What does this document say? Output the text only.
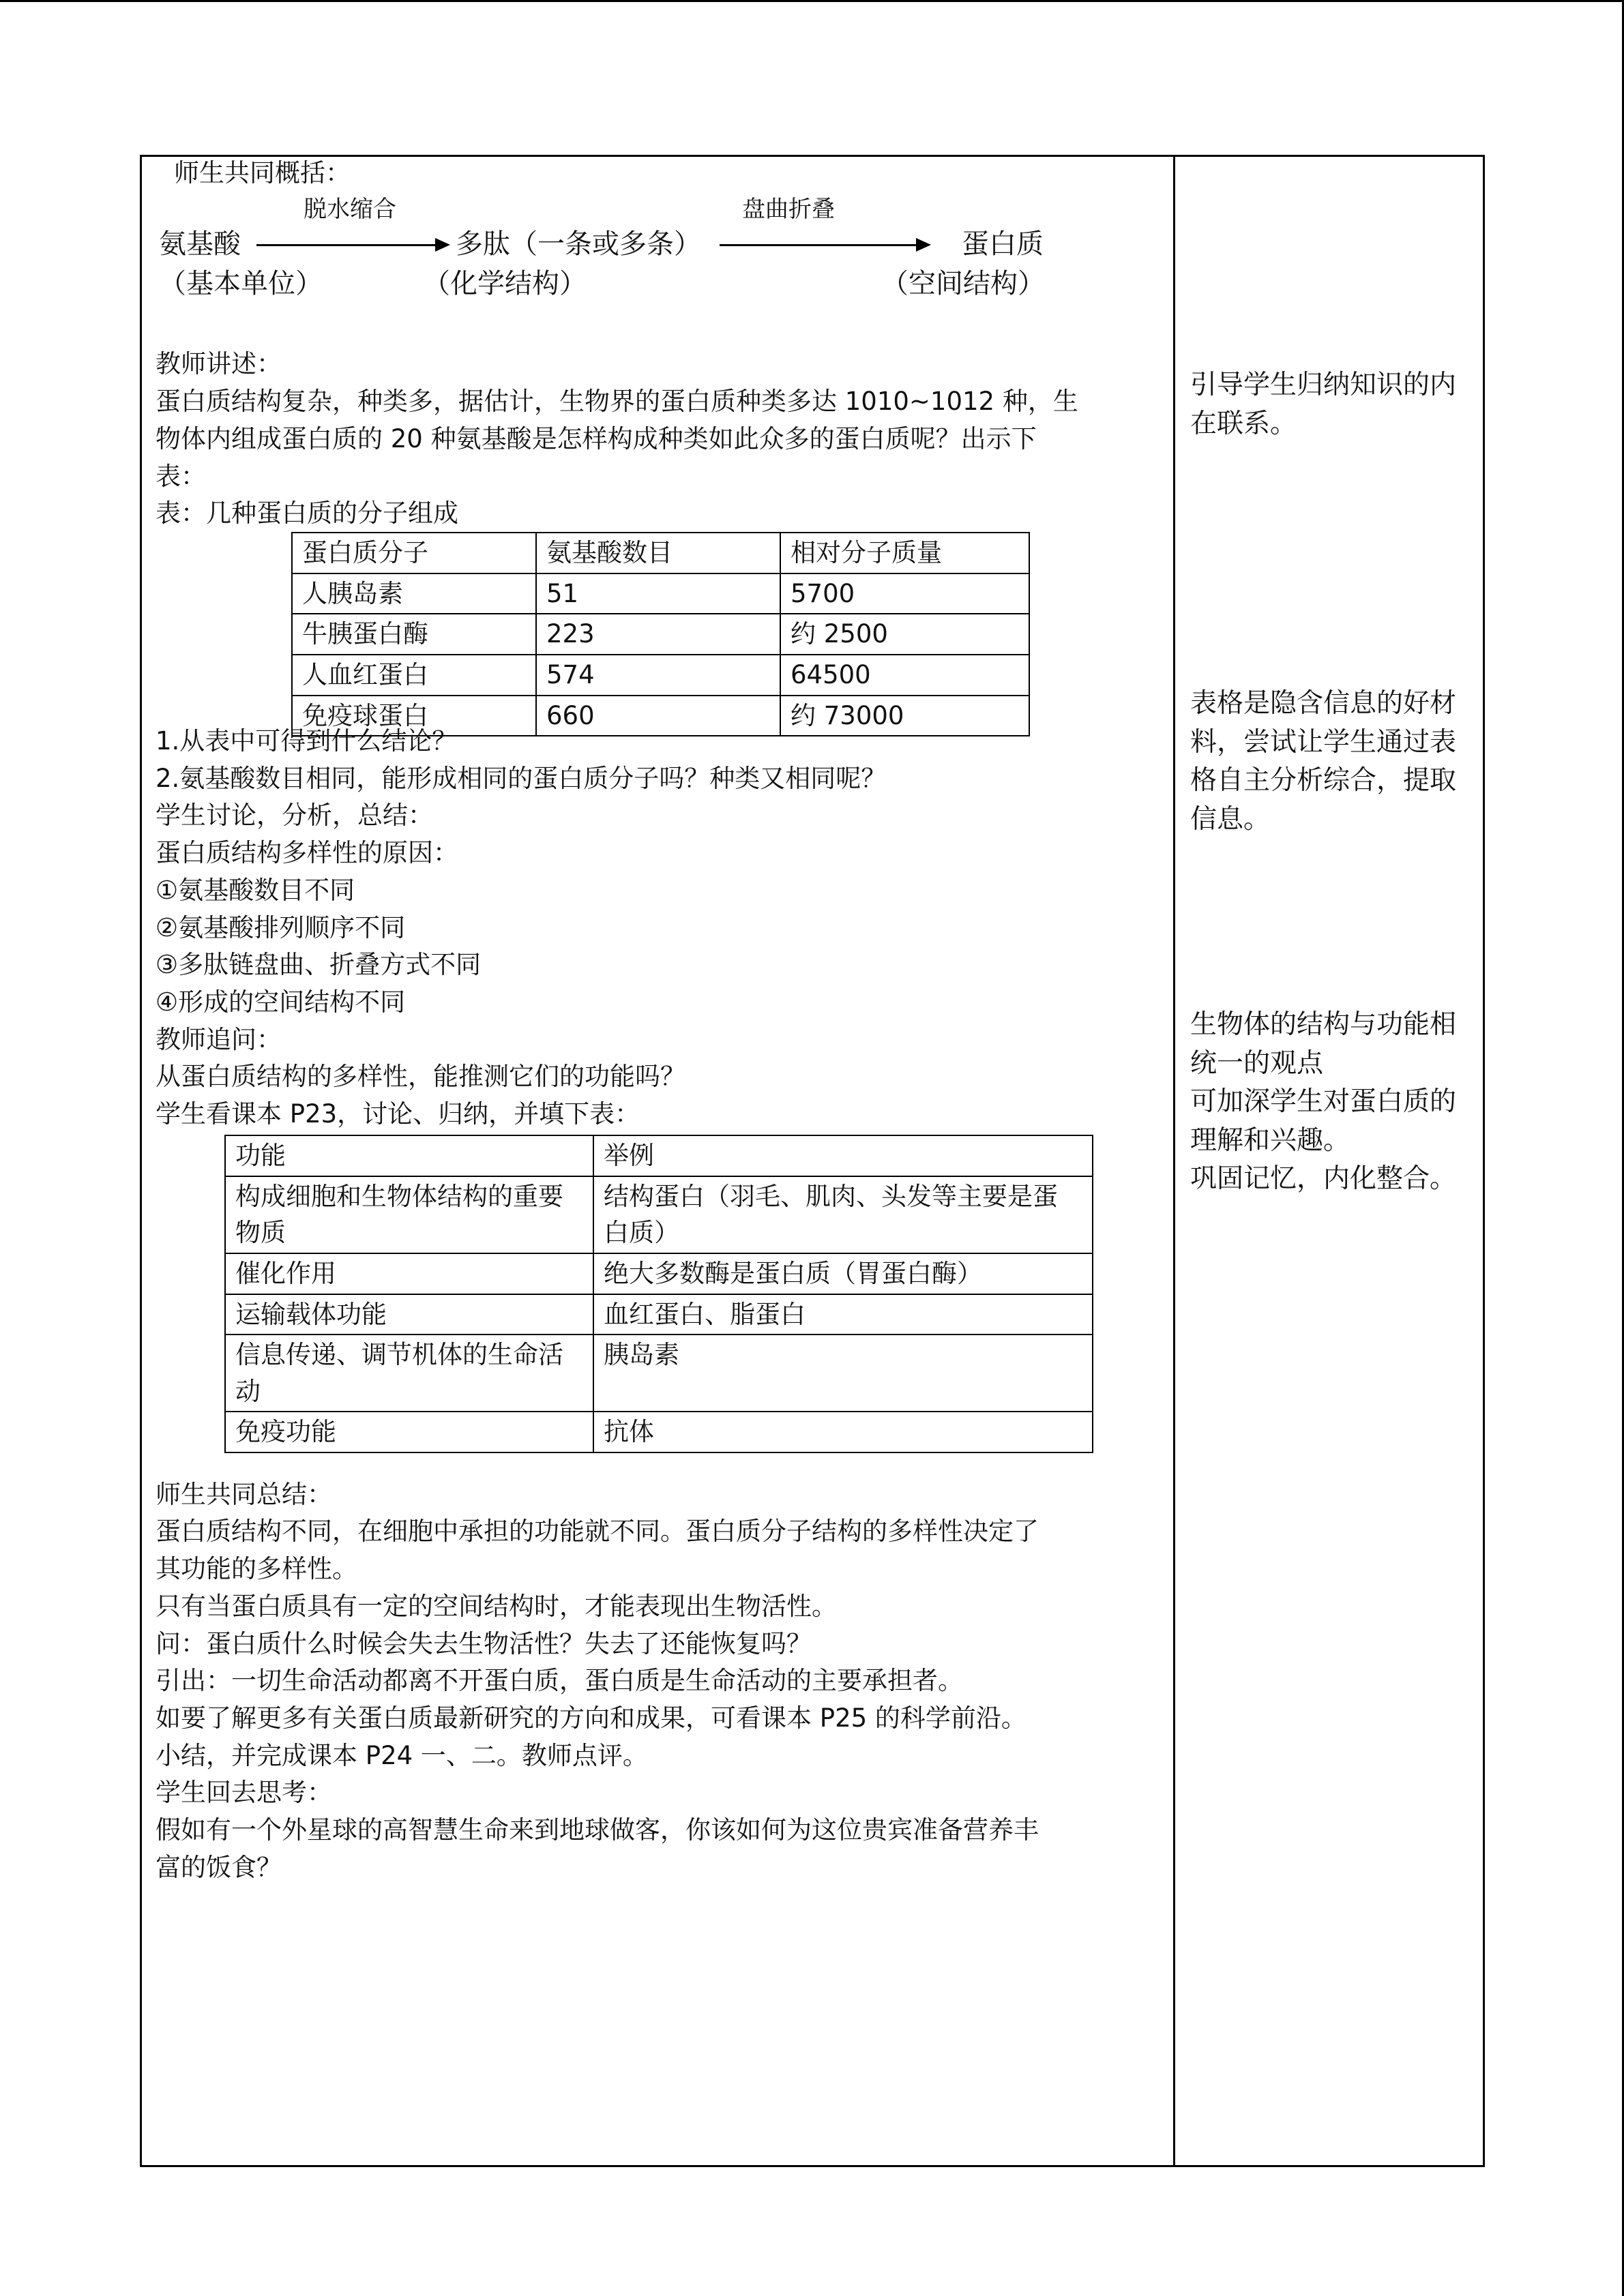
师生共同概括：
脱水缩合	盘曲折叠
氨基酸	多肽（一条或多条）	蛋白质
（基本单位）	（化学结构）	（空间结构）
教师讲述：
蛋白质结构复杂，种类多，据估计，生物界的蛋白质种类多达 1010~1012 种，生
物体内组成蛋白质的 20 种氨基酸是怎样构成种类如此众多的蛋白质呢？出示下
表：
表：几种蛋白质的分子组成
蛋白质分子	氨基酸数目	相对分子质量
人胰岛素	51	5700
牛胰蛋白酶	223	约 2500
人血红蛋白	574	64500
免疫球蛋白	660	约 73000
1.从表中可得到什么结论？
2.氨基酸数目相同，能形成相同的蛋白质分子吗？种类又相同呢？
学生讨论，分析，总结：
蛋白质结构多样性的原因：
①氨基酸数目不同
②氨基酸排列顺序不同
③多肽链盘曲、折叠方式不同
④形成的空间结构不同
教师追问：
从蛋白质结构的多样性，能推测它们的功能吗？
学生看课本 P23，讨论、归纳，并填下表：
功能	举例
构成细胞和生物体结构的重要物质	结构蛋白（羽毛、肌肉、头发等主要是蛋白质）
催化作用	绝大多数酶是蛋白质（胃蛋白酶）
运输载体功能	血红蛋白、脂蛋白
信息传递、调节机体的生命活动	胰岛素
免疫功能	抗体
师生共同总结：
蛋白质结构不同，在细胞中承担的功能就不同。蛋白质分子结构的多样性决定了
其功能的多样性。
只有当蛋白质具有一定的空间结构时，才能表现出生物活性。
问：蛋白质什么时候会失去生物活性？失去了还能恢复吗？
引出：一切生命活动都离不开蛋白质，蛋白质是生命活动的主要承担者。
如要了解更多有关蛋白质最新研究的方向和成果，可看课本 P25 的科学前沿。
小结，并完成课本 P24 一、二。教师点评。
学生回去思考：
假如有一个外星球的高智慧生命来到地球做客，你该如何为这位贵宾准备营养丰
富的饭食？
引导学生归纳知识的内在联系。
表格是隐含信息的好材料，尝试让学生通过表格自主分析综合，提取信息。
生物体的结构与功能相统一的观点
可加深学生对蛋白质的理解和兴趣。
巩固记忆，内化整合。
